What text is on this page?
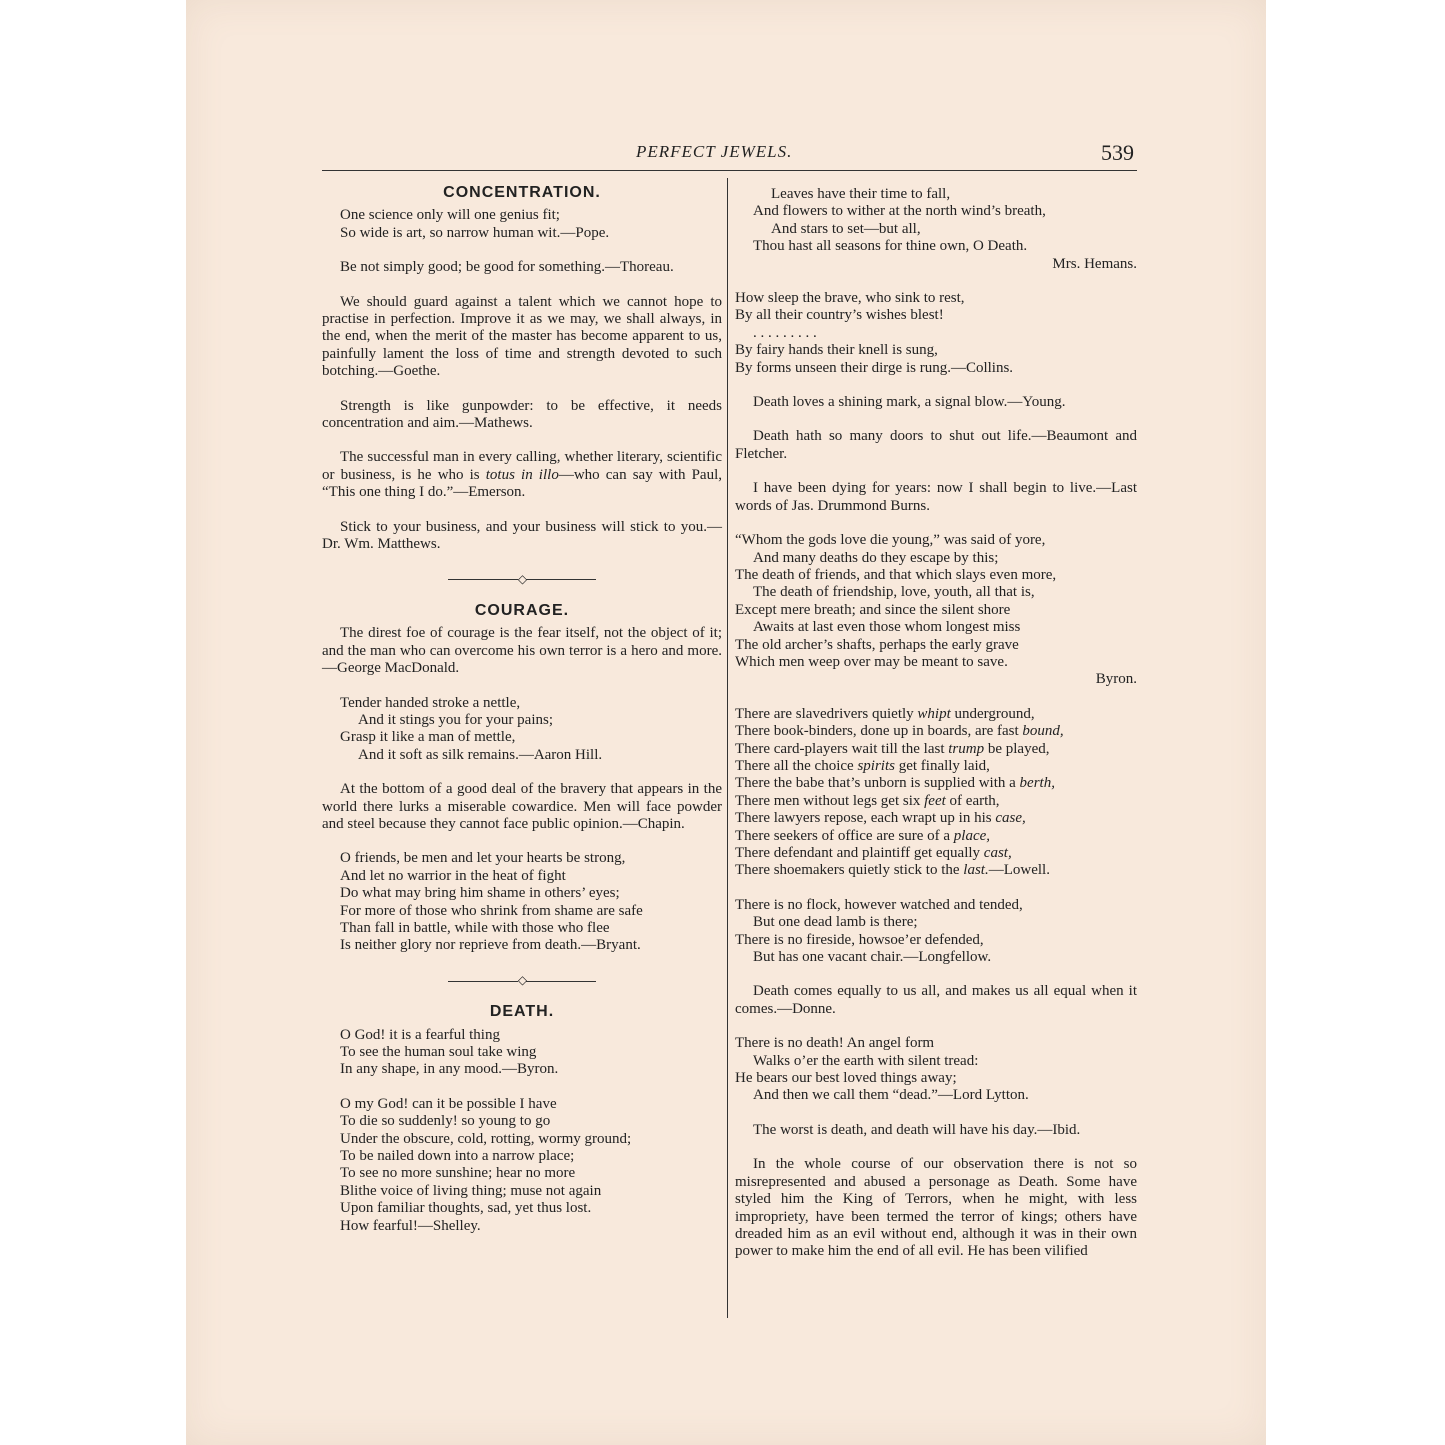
PERFECT JEWELS.	539
CONCENTRATION.
One science only will one genius fit;
So wide is art, so narrow human wit.—Pope.

Be not simply good; be good for something.—Thoreau.

We should guard against a talent which we cannot hope to practise in perfection. Improve it as we may, we shall always, in the end, when the merit of the master has become apparent to us, painfully lament the loss of time and strength devoted to such botching.—Goethe.

Strength is like gunpowder: to be effective, it needs concentration and aim.—Mathews.

The successful man in every calling, whether literary, scientific or business, is he who is totus in illo—who can say with Paul, “This one thing I do.”—Emerson.

Stick to your business, and your business will stick to you.—Dr. Wm. Matthews.

◇
COURAGE.

The direst foe of courage is the fear itself, not the object of it; and the man who can overcome his own terror is a hero and more.—George MacDonald.

Tender handed stroke a nettle,
And it stings you for your pains;
Grasp it like a man of mettle,
And it soft as silk remains.—Aaron Hill.

At the bottom of a good deal of the bravery that appears in the world there lurks a miserable cowardice. Men will face powder and steel because they cannot face public opinion.—Chapin.

O friends, be men and let your hearts be strong,
And let no warrior in the heat of fight
Do what may bring him shame in others’ eyes;
For more of those who shrink from shame are safe
Than fall in battle, while with those who flee
Is neither glory nor reprieve from death.—Bryant.
◇
DEATH.
O God! it is a fearful thing
To see the human soul take wing
In any shape, in any mood.—Byron.
O my God! can it be possible I have
To die so suddenly! so young to go
Under the obscure, cold, rotting, wormy ground;
To be nailed down into a narrow place;
To see no more sunshine; hear no more
Blithe voice of living thing; muse not again
Upon familiar thoughts, sad, yet thus lost.
How fearful!—Shelley.
Leaves have their time to fall,
And flowers to wither at the north wind’s breath,
And stars to set—but all,
Thou hast all seasons for thine own, O Death.
Mrs. Hemans.
How sleep the brave, who sink to rest,
By all their country’s wishes blest!
. . . . . . . . .
By fairy hands their knell is sung,
By forms unseen their dirge is rung.—Collins.

Death loves a shining mark, a signal blow.—Young.

Death hath so many doors to shut out life.—Beaumont and Fletcher.

I have been dying for years: now I shall begin to live.—Last words of Jas. Drummond Burns.

“Whom the gods love die young,” was said of yore,
And many deaths do they escape by this;
The death of friends, and that which slays even more,
The death of friendship, love, youth, all that is,
Except mere breath; and since the silent shore
Awaits at last even those whom longest miss
The old archer’s shafts, perhaps the early grave
Which men weep over may be meant to save.
Byron.
There are slavedrivers quietly whipt underground,
There book-binders, done up in boards, are fast bound,
There card-players wait till the last trump be played,
There all the choice spirits get finally laid,
There the babe that’s unborn is supplied with a berth,
There men without legs get six feet of earth,
There lawyers repose, each wrapt up in his case,
There seekers of office are sure of a place,
There defendant and plaintiff get equally cast,
There shoemakers quietly stick to the last.—Lowell.
There is no flock, however watched and tended,
But one dead lamb is there;
There is no fireside, howsoe’er defended,
But has one vacant chair.—Longfellow.

Death comes equally to us all, and makes us all equal when it comes.—Donne.

There is no death! An angel form
Walks o’er the earth with silent tread:
He bears our best loved things away;
And then we call them “dead.”—Lord Lytton.

The worst is death, and death will have his day.—Ibid.

In the whole course of our observation there is not so misrepresented and abused a personage as Death. Some have styled him the King of Terrors, when he might, with less impropriety, have been termed the terror of kings; others have dreaded him as an evil without end, although it was in their own power to make him the end of all evil. He has been vilified
